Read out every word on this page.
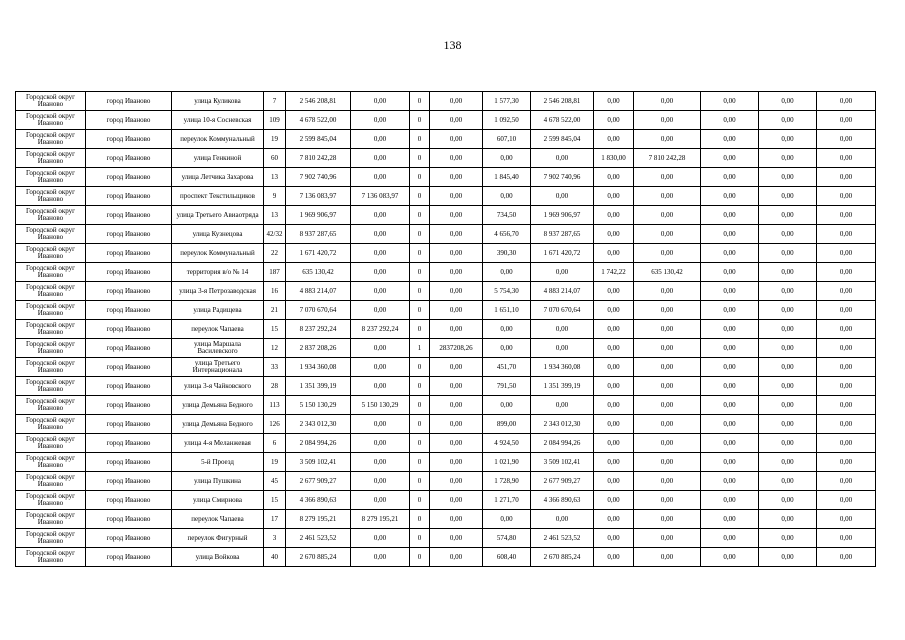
138
Городской округ Иваново	город Иваново	улица Куликова	7	2 546 208,81	0,00	0	0,00	1 577,30	2 546 208,81	0,00	0,00	0,00	0,00	0,00
Городской округ Иваново	город Иваново	улица 10-я Сосневская	109	4 678 522,00	0,00	0	0,00	1 092,50	4 678 522,00	0,00	0,00	0,00	0,00	0,00
Городской округ Иваново	город Иваново	переулок Коммунальный	19	2 599 845,04	0,00	0	0,00	607,10	2 599 845,04	0,00	0,00	0,00	0,00	0,00
Городской округ Иваново	город Иваново	улица Генкиной	60	7 810 242,28	0,00	0	0,00	0,00	0,00	1 830,00	7 810 242,28	0,00	0,00	0,00
Городской округ Иваново	город Иваново	улица Летчика Захарова	13	7 902 740,96	0,00	0	0,00	1 845,40	7 902 740,96	0,00	0,00	0,00	0,00	0,00
Городской округ Иваново	город Иваново	проспект Текстильщиков	9	7 136 083,97	7 136 083,97	0	0,00	0,00	0,00	0,00	0,00	0,00	0,00	0,00
Городской округ Иваново	город Иваново	улица Третьего Авиаотряда	13	1 969 906,97	0,00	0	0,00	734,50	1 969 906,97	0,00	0,00	0,00	0,00	0,00
Городской округ Иваново	город Иваново	улица Кузнецова	42/32	8 937 287,65	0,00	0	0,00	4 656,70	8 937 287,65	0,00	0,00	0,00	0,00	0,00
Городской округ Иваново	город Иваново	переулок Коммунальный	22	1 671 420,72	0,00	0	0,00	390,30	1 671 420,72	0,00	0,00	0,00	0,00	0,00
Городской округ Иваново	город Иваново	территория в/о № 14	187	635 130,42	0,00	0	0,00	0,00	0,00	1 742,22	635 130,42	0,00	0,00	0,00
Городской округ Иваново	город Иваново	улица 3-я Петрозаводская	16	4 883 214,07	0,00	0	0,00	5 754,30	4 883 214,07	0,00	0,00	0,00	0,00	0,00
Городской округ Иваново	город Иваново	улица Радищева	21	7 070 670,64	0,00	0	0,00	1 651,10	7 070 670,64	0,00	0,00	0,00	0,00	0,00
Городской округ Иваново	город Иваново	переулок Чапаева	15	8 237 292,24	8 237 292,24	0	0,00	0,00	0,00	0,00	0,00	0,00	0,00	0,00
Городской округ Иваново	город Иваново	улица Маршала Василевского	12	2 837 208,26	0,00	1	2837208,26	0,00	0,00	0,00	0,00	0,00	0,00	0,00
Городской округ Иваново	город Иваново	улица Третьего Интернационала	33	1 934 360,08	0,00	0	0,00	451,70	1 934 360,08	0,00	0,00	0,00	0,00	0,00
Городской округ Иваново	город Иваново	улица 3-я Чайковского	28	1 351 399,19	0,00	0	0,00	791,50	1 351 399,19	0,00	0,00	0,00	0,00	0,00
Городской округ Иваново	город Иваново	улица Демьяна Бедного	113	5 150 130,29	5 150 130,29	0	0,00	0,00	0,00	0,00	0,00	0,00	0,00	0,00
Городской округ Иваново	город Иваново	улица Демьяна Бедного	126	2 343 012,30	0,00	0	0,00	899,00	2 343 012,30	0,00	0,00	0,00	0,00	0,00
Городской округ Иваново	город Иваново	улица 4-я Меланжевая	6	2 084 994,26	0,00	0	0,00	4 924,50	2 084 994,26	0,00	0,00	0,00	0,00	0,00
Городской округ Иваново	город Иваново	5-й Проезд	19	3 509 102,41	0,00	0	0,00	1 021,90	3 509 102,41	0,00	0,00	0,00	0,00	0,00
Городской округ Иваново	город Иваново	улица Пушкина	45	2 677 909,27	0,00	0	0,00	1 728,90	2 677 909,27	0,00	0,00	0,00	0,00	0,00
Городской округ Иваново	город Иваново	улица Смирнова	15	4 366 890,63	0,00	0	0,00	1 271,70	4 366 890,63	0,00	0,00	0,00	0,00	0,00
Городской округ Иваново	город Иваново	переулок Чапаева	17	8 279 195,21	8 279 195,21	0	0,00	0,00	0,00	0,00	0,00	0,00	0,00	0,00
Городской округ Иваново	город Иваново	переулок Фигурный	3	2 461 523,52	0,00	0	0,00	574,80	2 461 523,52	0,00	0,00	0,00	0,00	0,00
Городской округ Иваново	город Иваново	улица Войкова	40	2 670 885,24	0,00	0	0,00	608,40	2 670 885,24	0,00	0,00	0,00	0,00	0,00
